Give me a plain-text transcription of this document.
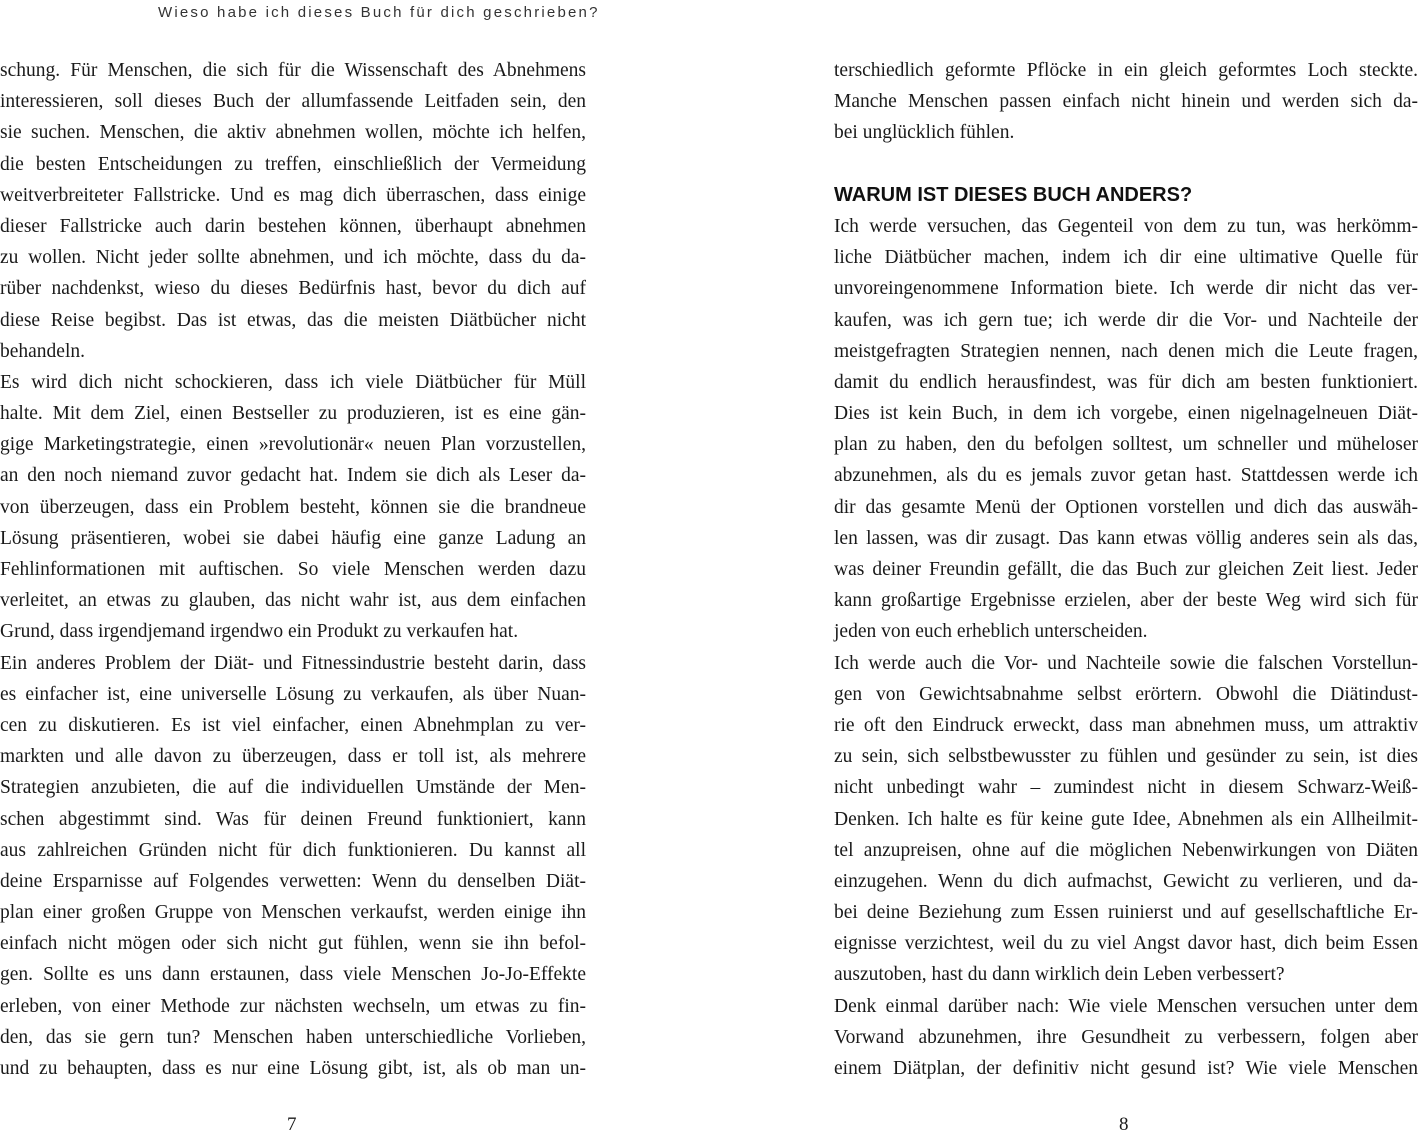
Wieso habe ich dieses Buch für dich geschrieben?
schung. Für Menschen, die sich für die Wissenschaft des Abnehmens
interessieren, soll dieses Buch der allumfassende Leitfaden sein, den
sie suchen. Menschen, die aktiv abnehmen wollen, möchte ich helfen,
die besten Entscheidungen zu treffen, einschließlich der Vermeidung
weitverbreiteter Fallstricke. Und es mag dich überraschen, dass einige
dieser Fallstricke auch darin bestehen können, überhaupt abnehmen
zu wollen. Nicht jeder sollte abnehmen, und ich möchte, dass du da-
rüber nachdenkst, wieso du dieses Bedürfnis hast, bevor du dich auf
diese Reise begibst. Das ist etwas, das die meisten Diätbücher nicht
behandeln.
Es wird dich nicht schockieren, dass ich viele Diätbücher für Müll
halte. Mit dem Ziel, einen Bestseller zu produzieren, ist es eine gän-
gige Marketingstrategie, einen »revolutionär« neuen Plan vorzustellen,
an den noch niemand zuvor gedacht hat. Indem sie dich als Leser da-
von überzeugen, dass ein Problem besteht, können sie die brandneue
Lösung präsentieren, wobei sie dabei häufig eine ganze Ladung an
Fehlinformationen mit auftischen. So viele Menschen werden dazu
verleitet, an etwas zu glauben, das nicht wahr ist, aus dem einfachen
Grund, dass irgendjemand irgendwo ein Produkt zu verkaufen hat.
Ein anderes Problem der Diät- und Fitnessindustrie besteht darin, dass
es einfacher ist, eine universelle Lösung zu verkaufen, als über Nuan-
cen zu diskutieren. Es ist viel einfacher, einen Abnehmplan zu ver-
markten und alle davon zu überzeugen, dass er toll ist, als mehrere
Strategien anzubieten, die auf die individuellen Umstände der Men-
schen abgestimmt sind. Was für deinen Freund funktioniert, kann
aus zahlreichen Gründen nicht für dich funktionieren. Du kannst all
deine Ersparnisse auf Folgendes verwetten: Wenn du denselben Diät-
plan einer großen Gruppe von Menschen verkaufst, werden einige ihn
einfach nicht mögen oder sich nicht gut fühlen, wenn sie ihn befol-
gen. Sollte es uns dann erstaunen, dass viele Menschen Jo-Jo-Effekte
erleben, von einer Methode zur nächsten wechseln, um etwas zu fin-
den, das sie gern tun? Menschen haben unterschiedliche Vorlieben,
und zu behaupten, dass es nur eine Lösung gibt, ist, als ob man un-
terschiedlich geformte Pflöcke in ein gleich geformtes Loch steckte.
Manche Menschen passen einfach nicht hinein und werden sich da-
bei unglücklich fühlen.
WARUM IST DIESES BUCH ANDERS?
Ich werde versuchen, das Gegenteil von dem zu tun, was herkömm-
liche Diätbücher machen, indem ich dir eine ultimative Quelle für
unvoreingenommene Information biete. Ich werde dir nicht das ver-
kaufen, was ich gern tue; ich werde dir die Vor- und Nachteile der
meistgefragten Strategien nennen, nach denen mich die Leute fragen,
damit du endlich herausfindest, was für dich am besten funktioniert.
Dies ist kein Buch, in dem ich vorgebe, einen nigelnagelneuen Diät-
plan zu haben, den du befolgen solltest, um schneller und müheloser
abzunehmen, als du es jemals zuvor getan hast. Stattdessen werde ich
dir das gesamte Menü der Optionen vorstellen und dich das auswäh-
len lassen, was dir zusagt. Das kann etwas völlig anderes sein als das,
was deiner Freundin gefällt, die das Buch zur gleichen Zeit liest. Jeder
kann großartige Ergebnisse erzielen, aber der beste Weg wird sich für
jeden von euch erheblich unterscheiden.
Ich werde auch die Vor- und Nachteile sowie die falschen Vorstellun-
gen von Gewichtsabnahme selbst erörtern. Obwohl die Diätindust-
rie oft den Eindruck erweckt, dass man abnehmen muss, um attraktiv
zu sein, sich selbstbewusster zu fühlen und gesünder zu sein, ist dies
nicht unbedingt wahr – zumindest nicht in diesem Schwarz-Weiß-
Denken. Ich halte es für keine gute Idee, Abnehmen als ein Allheilmit-
tel anzupreisen, ohne auf die möglichen Nebenwirkungen von Diäten
einzugehen. Wenn du dich aufmachst, Gewicht zu verlieren, und da-
bei deine Beziehung zum Essen ruinierst und auf gesellschaftliche Er-
eignisse verzichtest, weil du zu viel Angst davor hast, dich beim Essen
auszutoben, hast du dann wirklich dein Leben verbessert?
Denk einmal darüber nach: Wie viele Menschen versuchen unter dem
Vorwand abzunehmen, ihre Gesundheit zu verbessern, folgen aber
einem Diätplan, der definitiv nicht gesund ist? Wie viele Menschen
7	8
